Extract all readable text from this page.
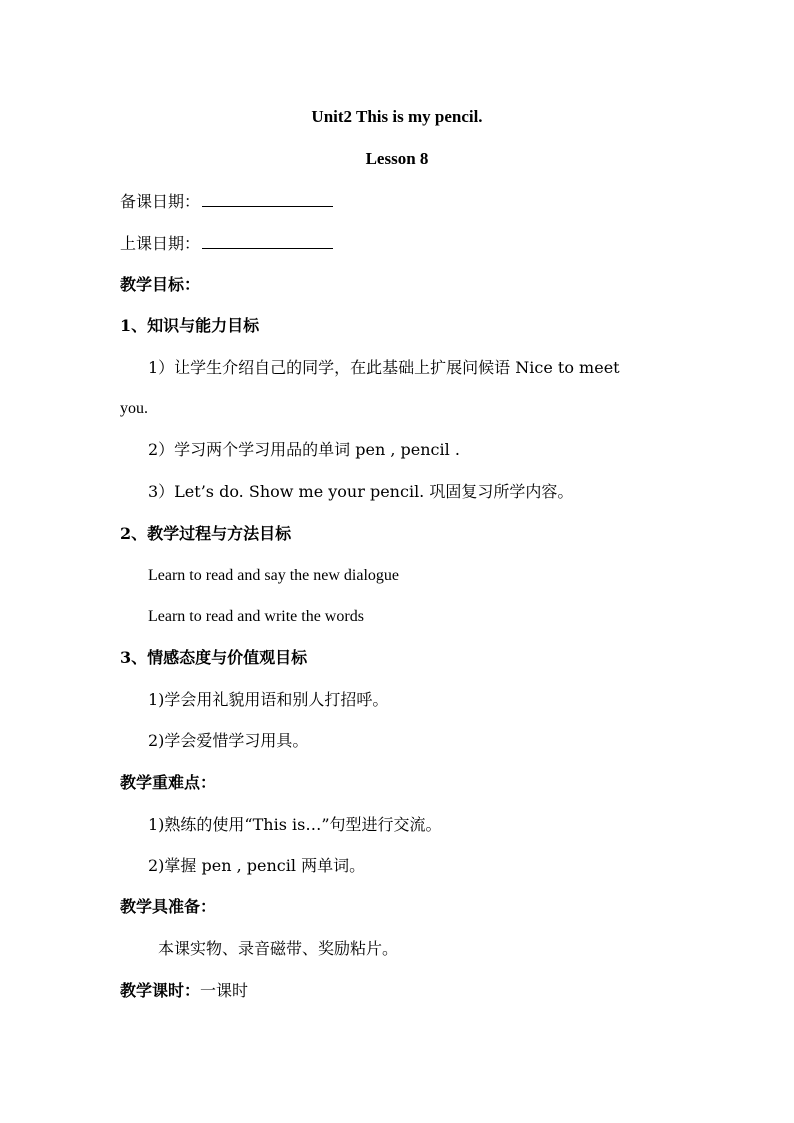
Unit2 This is my pencil.
Lesson 8
备课日期：
上课日期：
教学目标：
1、知识与能力目标
1）让学生介绍自己的同学，在此基础上扩展问候语 Nice to meet
you.
2）学习两个学习用品的单词 pen , pencil .
3）Let’s do. Show me your pencil. 巩固复习所学内容。
2、教学过程与方法目标
Learn to read and say the new dialogue
Learn to read and write the words
3、情感态度与价值观目标
1)学会用礼貌用语和别人打招呼。
2)学会爱惜学习用具。
教学重难点：
1)熟练的使用“This is…”句型进行交流。
2)掌握 pen , pencil 两单词。
教学具准备：
本课实物、录音磁带、奖励粘片。
教学课时：一课时
